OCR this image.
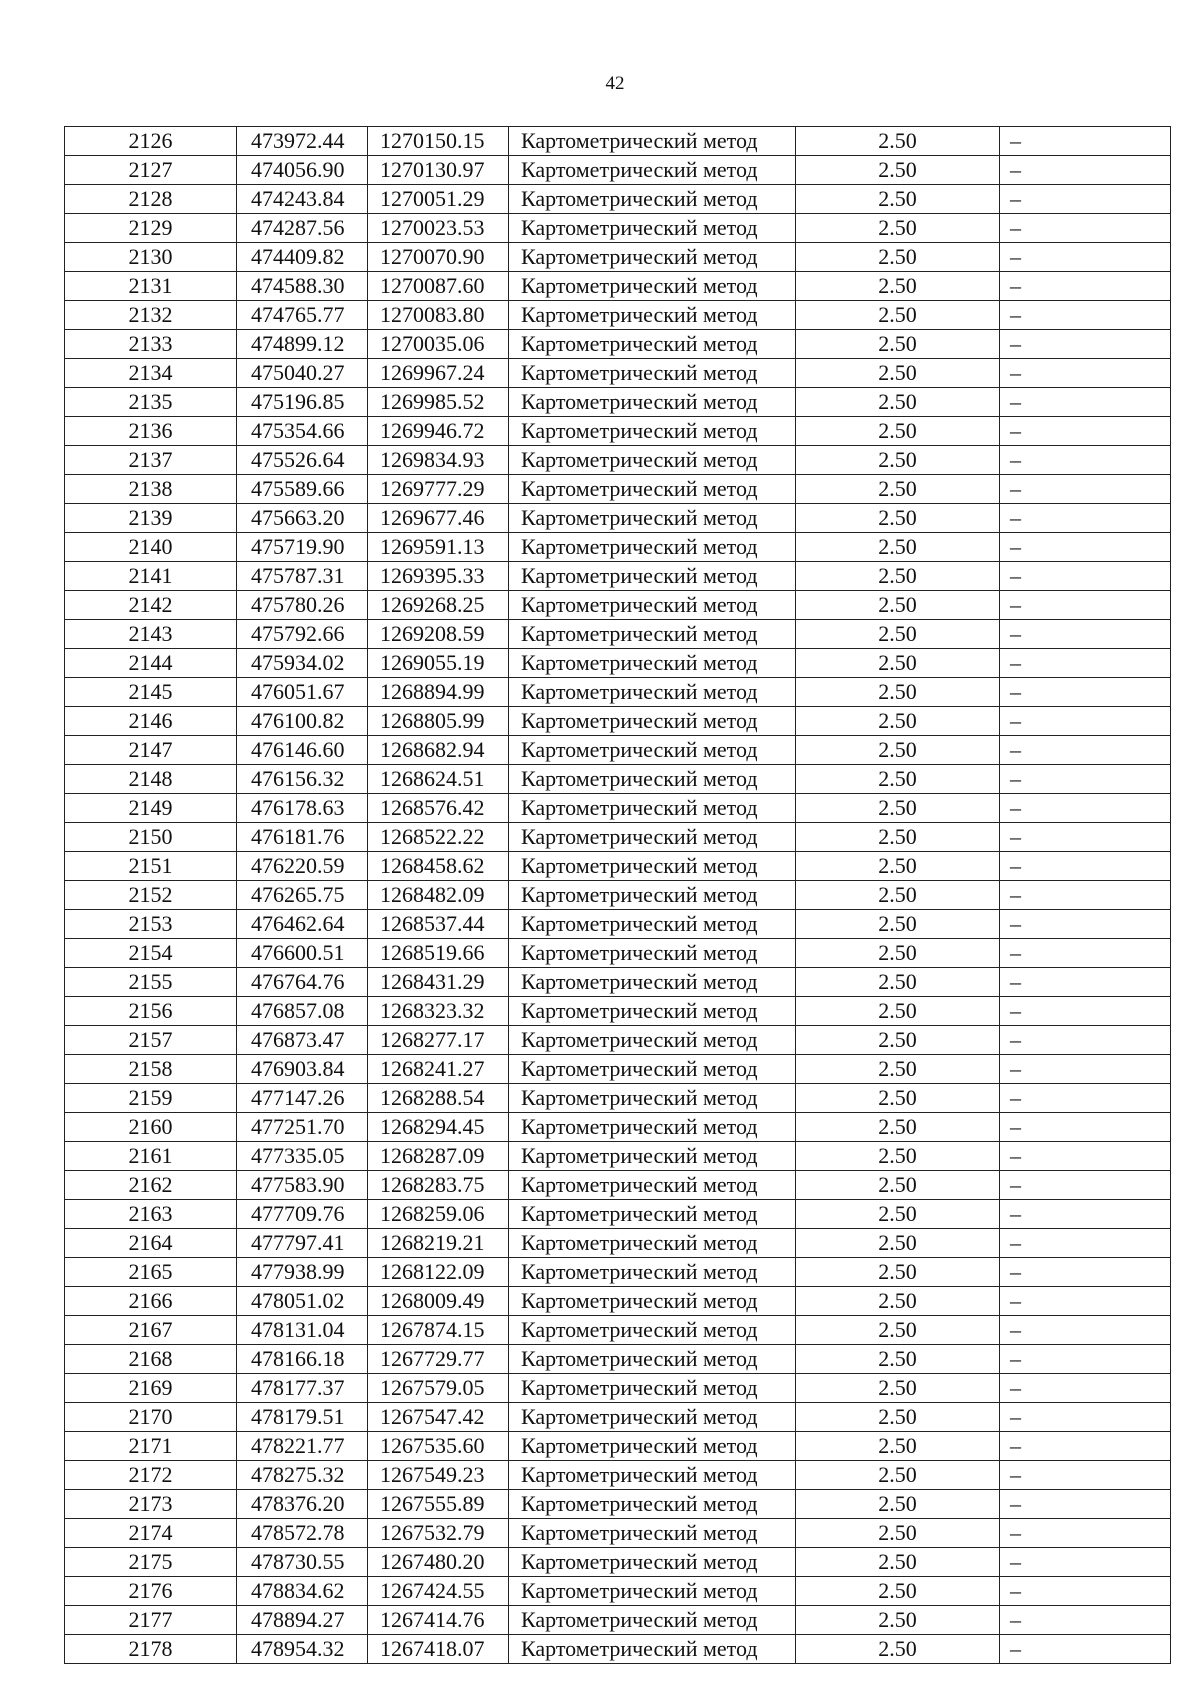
42
2126	473972.44	1270150.15	Картометрический метод	2.50	–
2127	474056.90	1270130.97	Картометрический метод	2.50	–
2128	474243.84	1270051.29	Картометрический метод	2.50	–
2129	474287.56	1270023.53	Картометрический метод	2.50	–
2130	474409.82	1270070.90	Картометрический метод	2.50	–
2131	474588.30	1270087.60	Картометрический метод	2.50	–
2132	474765.77	1270083.80	Картометрический метод	2.50	–
2133	474899.12	1270035.06	Картометрический метод	2.50	–
2134	475040.27	1269967.24	Картометрический метод	2.50	–
2135	475196.85	1269985.52	Картометрический метод	2.50	–
2136	475354.66	1269946.72	Картометрический метод	2.50	–
2137	475526.64	1269834.93	Картометрический метод	2.50	–
2138	475589.66	1269777.29	Картометрический метод	2.50	–
2139	475663.20	1269677.46	Картометрический метод	2.50	–
2140	475719.90	1269591.13	Картометрический метод	2.50	–
2141	475787.31	1269395.33	Картометрический метод	2.50	–
2142	475780.26	1269268.25	Картометрический метод	2.50	–
2143	475792.66	1269208.59	Картометрический метод	2.50	–
2144	475934.02	1269055.19	Картометрический метод	2.50	–
2145	476051.67	1268894.99	Картометрический метод	2.50	–
2146	476100.82	1268805.99	Картометрический метод	2.50	–
2147	476146.60	1268682.94	Картометрический метод	2.50	–
2148	476156.32	1268624.51	Картометрический метод	2.50	–
2149	476178.63	1268576.42	Картометрический метод	2.50	–
2150	476181.76	1268522.22	Картометрический метод	2.50	–
2151	476220.59	1268458.62	Картометрический метод	2.50	–
2152	476265.75	1268482.09	Картометрический метод	2.50	–
2153	476462.64	1268537.44	Картометрический метод	2.50	–
2154	476600.51	1268519.66	Картометрический метод	2.50	–
2155	476764.76	1268431.29	Картометрический метод	2.50	–
2156	476857.08	1268323.32	Картометрический метод	2.50	–
2157	476873.47	1268277.17	Картометрический метод	2.50	–
2158	476903.84	1268241.27	Картометрический метод	2.50	–
2159	477147.26	1268288.54	Картометрический метод	2.50	–
2160	477251.70	1268294.45	Картометрический метод	2.50	–
2161	477335.05	1268287.09	Картометрический метод	2.50	–
2162	477583.90	1268283.75	Картометрический метод	2.50	–
2163	477709.76	1268259.06	Картометрический метод	2.50	–
2164	477797.41	1268219.21	Картометрический метод	2.50	–
2165	477938.99	1268122.09	Картометрический метод	2.50	–
2166	478051.02	1268009.49	Картометрический метод	2.50	–
2167	478131.04	1267874.15	Картометрический метод	2.50	–
2168	478166.18	1267729.77	Картометрический метод	2.50	–
2169	478177.37	1267579.05	Картометрический метод	2.50	–
2170	478179.51	1267547.42	Картометрический метод	2.50	–
2171	478221.77	1267535.60	Картометрический метод	2.50	–
2172	478275.32	1267549.23	Картометрический метод	2.50	–
2173	478376.20	1267555.89	Картометрический метод	2.50	–
2174	478572.78	1267532.79	Картометрический метод	2.50	–
2175	478730.55	1267480.20	Картометрический метод	2.50	–
2176	478834.62	1267424.55	Картометрический метод	2.50	–
2177	478894.27	1267414.76	Картометрический метод	2.50	–
2178	478954.32	1267418.07	Картометрический метод	2.50	–
